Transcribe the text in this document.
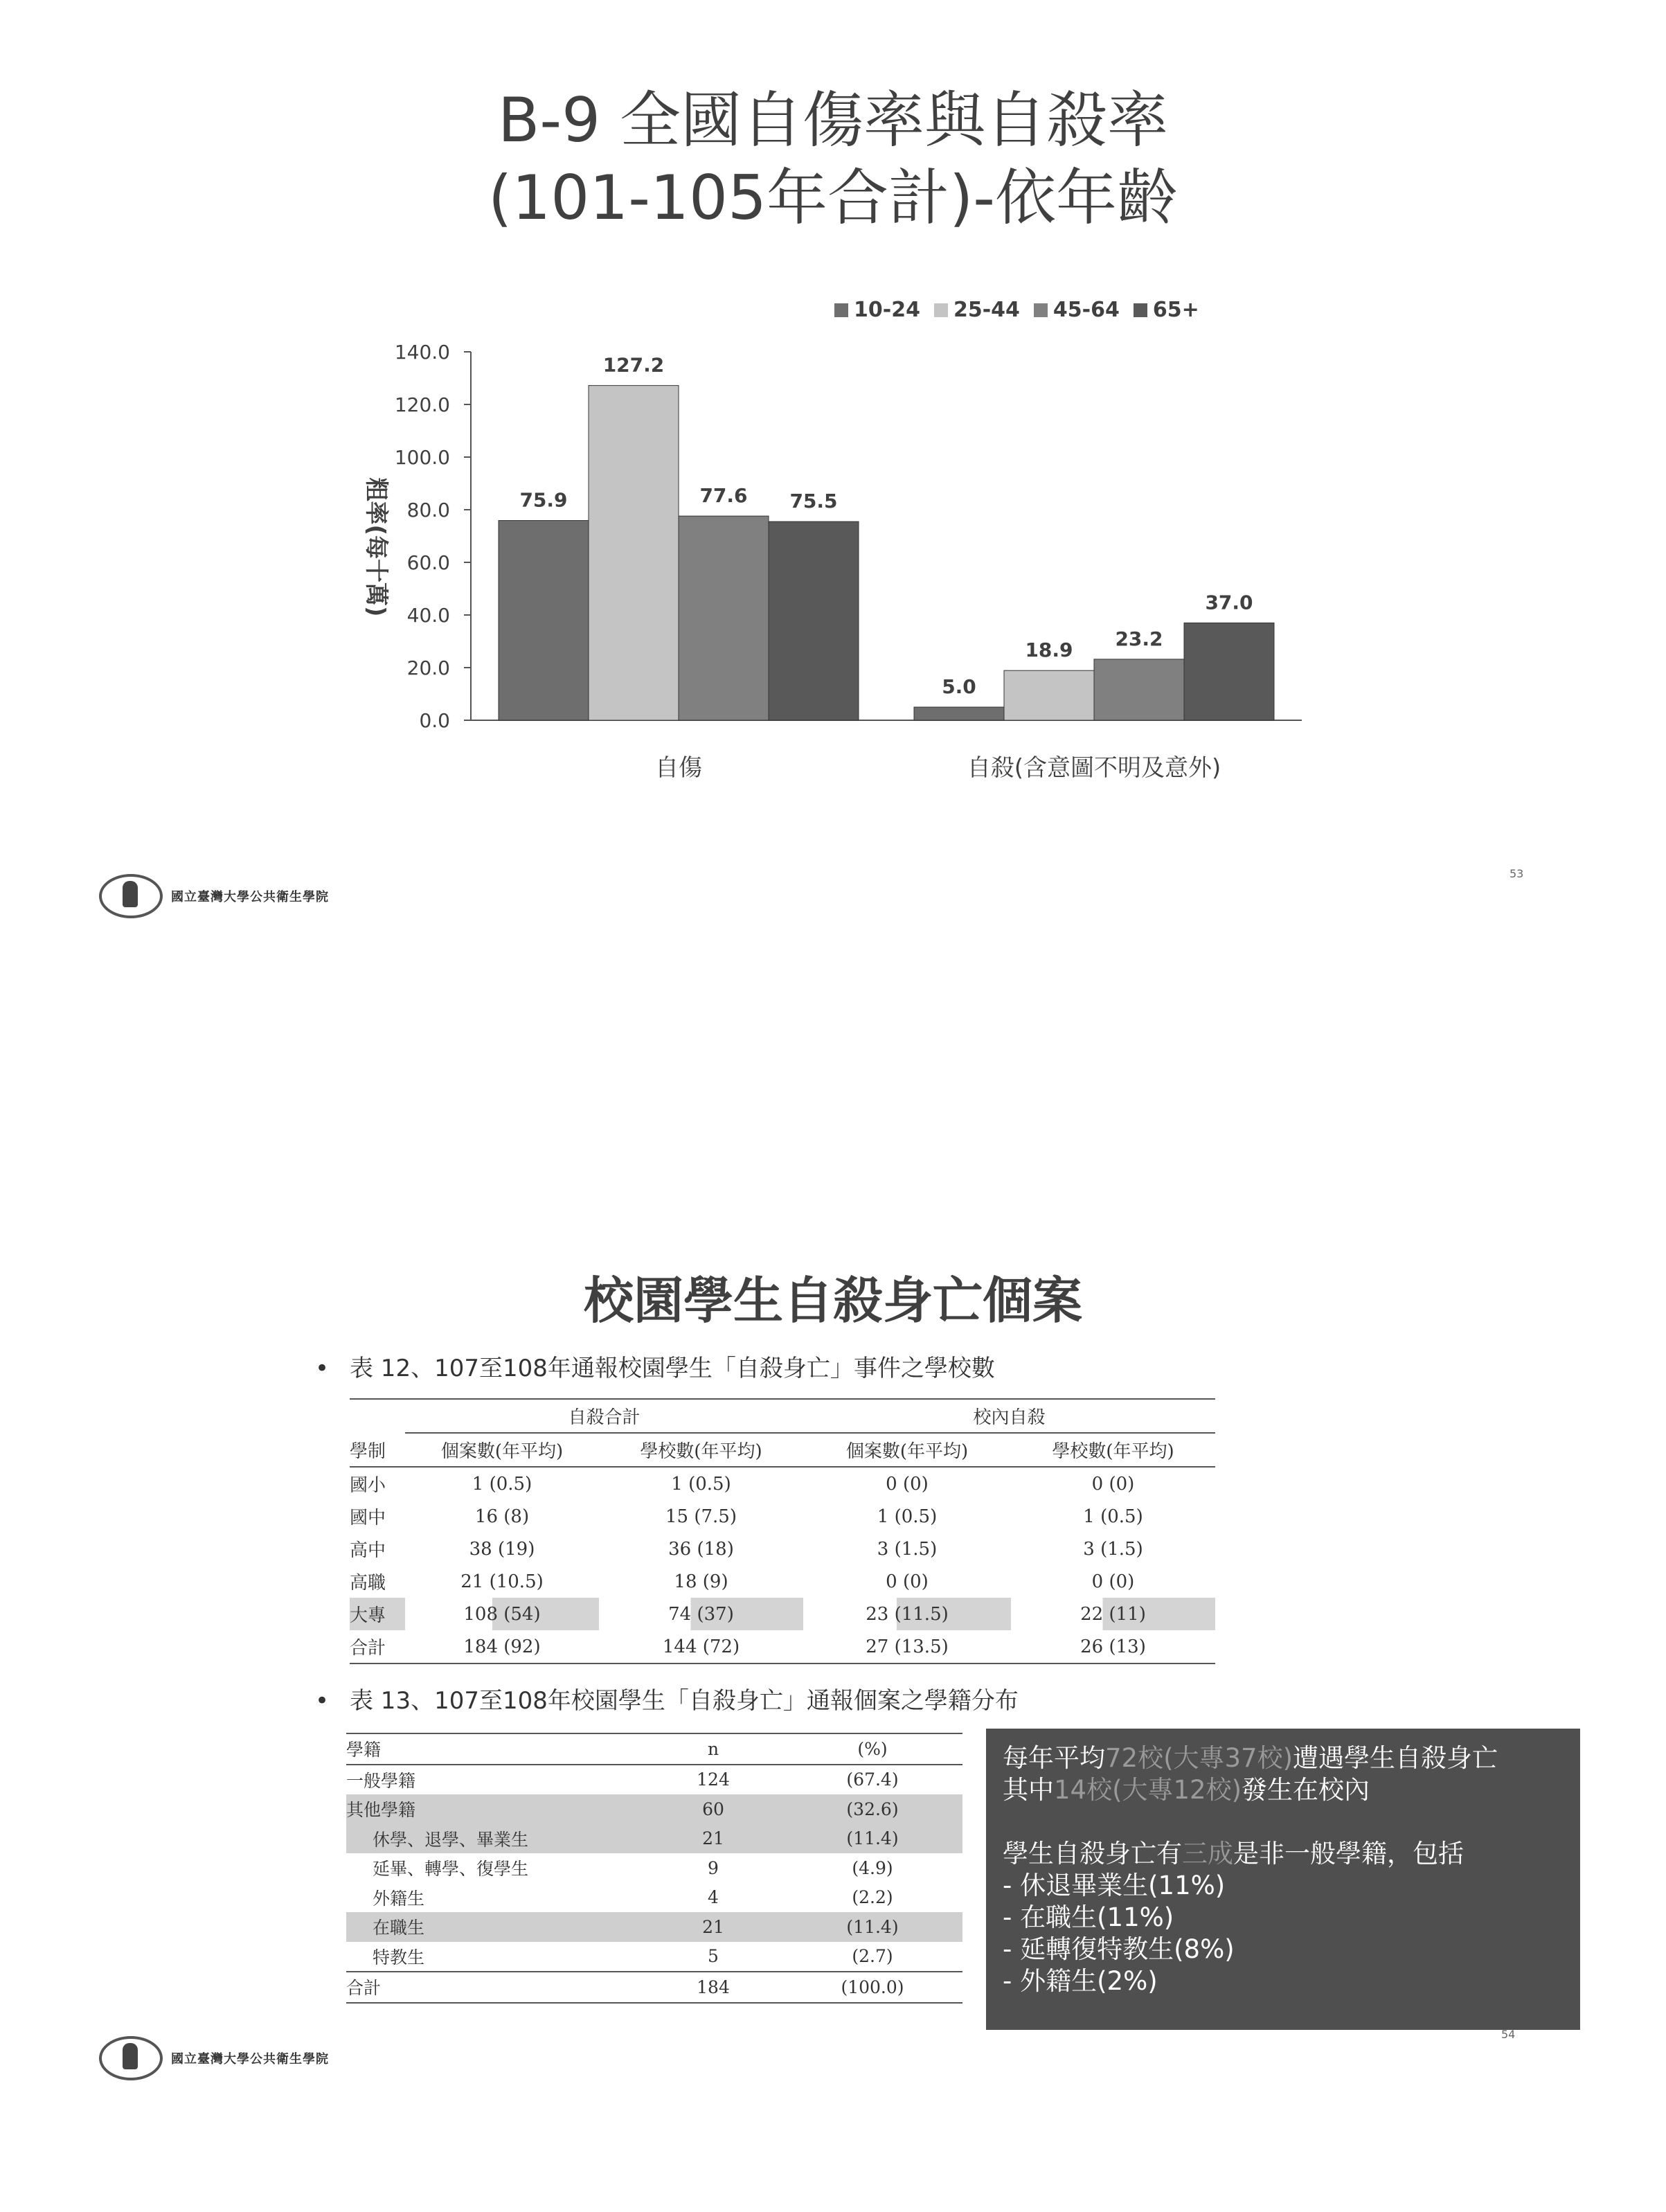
B-9 全國自傷率與自殺率
(101-105年合計)-依年齡
10-24 25-44 45-64 65+
粗率(每十萬)
0.0
20.0
40.0
60.0
80.0
100.0
120.0
140.0
75.9
127.2
77.6 75.5
自傷
5.0
18.9 23.2
37.0
自殺(含意圖不明及意外)
國立臺灣大學公共衛生學院
53
校園學生自殺身亡個案
• 表 12、107至108年通報校園學生「自殺身亡」事件之學校數
	自殺合計		校內自殺	
學制	個案數(年平均)	學校數(年平均)	個案數(年平均)	學校數(年平均)
國小	1 (0.5)	1 (0.5)	0 (0)	0 (0)
國中	16 (8)	15 (7.5)	1 (0.5)	1 (0.5)
高中	38 (19)	36 (18)	3 (1.5)	3 (1.5)
高職	21 (10.5)	18 (9)	0 (0)	0 (0)
大專	108 (54)	74 (37)	23 (11.5)	22 (11)
合計	184 (92)	144 (72)	27 (13.5)	26 (13)
• 表 13、107至108年校園學生「自殺身亡」通報個案之學籍分布
學籍	n	(%)
一般學籍	124	(67.4)
其他學籍	60	(32.6)
休學、退學、畢業生	21	(11.4)
延畢、轉學、復學生	9	(4.9)
外籍生	4	(2.2)
在職生	21	(11.4)
特教生	5	(2.7)
合計	184	(100.0)

每年平均72校(大專37校)遭遇學生自殺身亡

其中14校(大專12校)發生在校內

學生自殺身亡有三成是非一般學籍，包括

- 休退畢業生(11%)

- 在職生(11%)

- 延轉復特教生(8%)

- 外籍生(2%)

國立臺灣大學公共衛生學院
54
